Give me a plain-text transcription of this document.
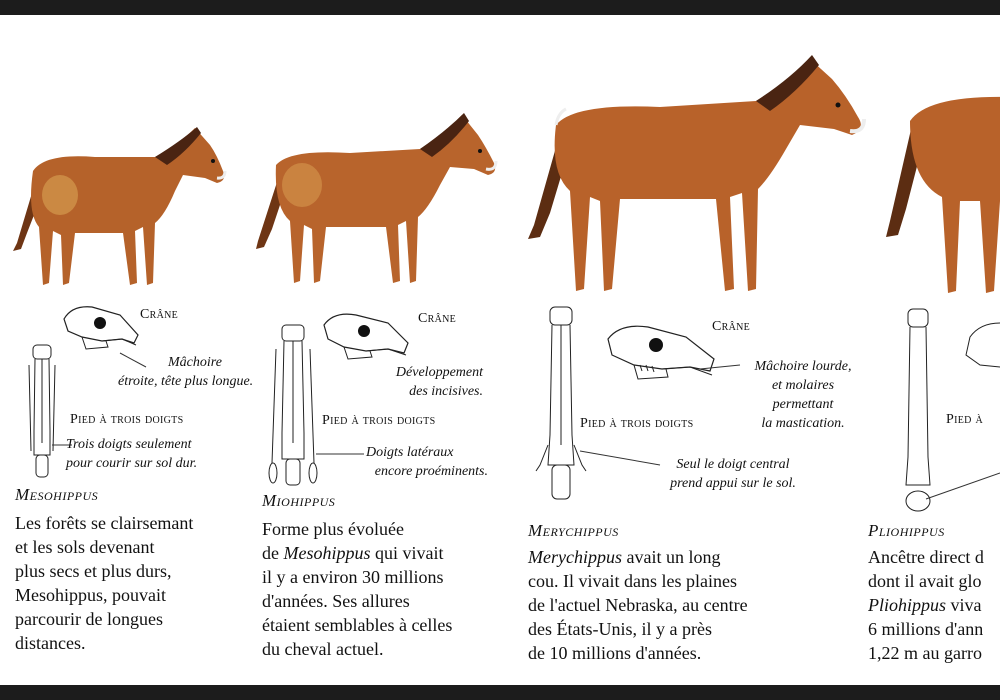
Crâne
Mâchoire
étroite, tête plus longue.
Pied à trois doigts
Trois doigts seulement
pour courir sur sol dur.
Mesohippus

Les forêts se clairsemant

et les sols devenant

plus secs et plus durs,

Mesohippus, pouvait

parcourir de longues

distances.

Crâne
Développement
des incisives.
Pied à trois doigts
Doigts latéraux
encore proéminents.
Miohippus

Forme plus évoluée

de Mesohippus qui vivait

il y a environ 30 millions

d'années. Ses allures

étaient semblables à celles

du cheval actuel.

Crâne
Mâchoire lourde,
et molaires
permettant
la mastication.
Pied à trois doigts
Seul le doigt central
prend appui sur le sol.
Merychippus

Merychippus avait un long

cou. Il vivait dans les plaines

de l'actuel Nebraska, au centre

des États-Unis, il y a près

de 10 millions d'années.

Pied à
Pliohippus

Ancêtre direct d

dont il avait glo

Pliohippus viva

6 millions d'ann

1,22 m au garro
